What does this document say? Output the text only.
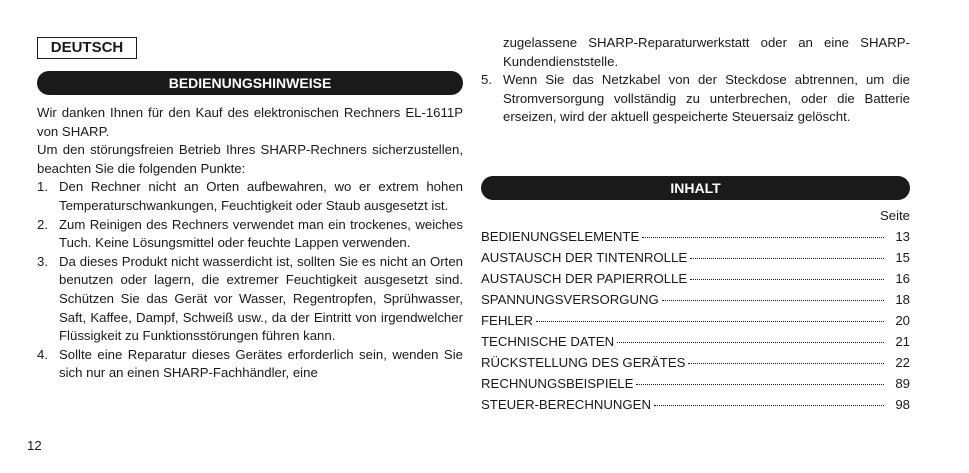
DEUTSCH
BEDIENUNGSHINWEISE

Wir danken Ihnen für den Kauf des elektronischen Rechners EL-1611P von SHARP.

Um den störungsfreien Betrieb Ihres SHARP-Rechners sicherzustellen, beachten Sie die folgenden Punkte:

1. Den Rechner nicht an Orten aufbewahren, wo er extrem hohen Temperaturschwankungen, Feuchtigkeit oder Staub ausgesetzt ist.
2. Zum Reinigen des Rechners verwendet man ein trockenes, weiches Tuch. Keine Lösungsmittel oder feuchte Lappen verwenden.
3. Da dieses Produkt nicht wasserdicht ist, sollten Sie es nicht an Orten benutzen oder lagern, die extremer Feuchtigkeit ausgesetzt sind. Schützen Sie das Gerät vor Wasser, Regentropfen, Sprühwasser, Saft, Kaffee, Dampf, Schweiß usw., da der Eintritt von irgendwelcher Flüssigkeit zu Funktionsstörungen führen kann.
4. Sollte eine Reparatur dieses Gerätes erforderlich sein, wenden Sie sich nur an einen SHARP-Fachhändler, eine
zugelassene SHARP-Reparaturwerkstatt oder an eine SHARP-Kundendienststelle.
5. Wenn Sie das Netzkabel von der Steckdose abtrennen, um die Stromversorgung vollständig zu unterbrechen, oder die Batterie erseizen, wird der aktuell gespeicherte Steuersaiz gelöscht.
INHALT
Seite
BEDIENUNGSELEMENTE	13
AUSTAUSCH DER TINTENROLLE	15
AUSTAUSCH DER PAPIERROLLE	16
SPANNUNGSVERSORGUNG	18
FEHLER	20
TECHNISCHE DATEN	21
RÜCKSTELLUNG DES GERÄTES	22
RECHNUNGSBEISPIELE	89
STEUER-BERECHNUNGEN	98
12
